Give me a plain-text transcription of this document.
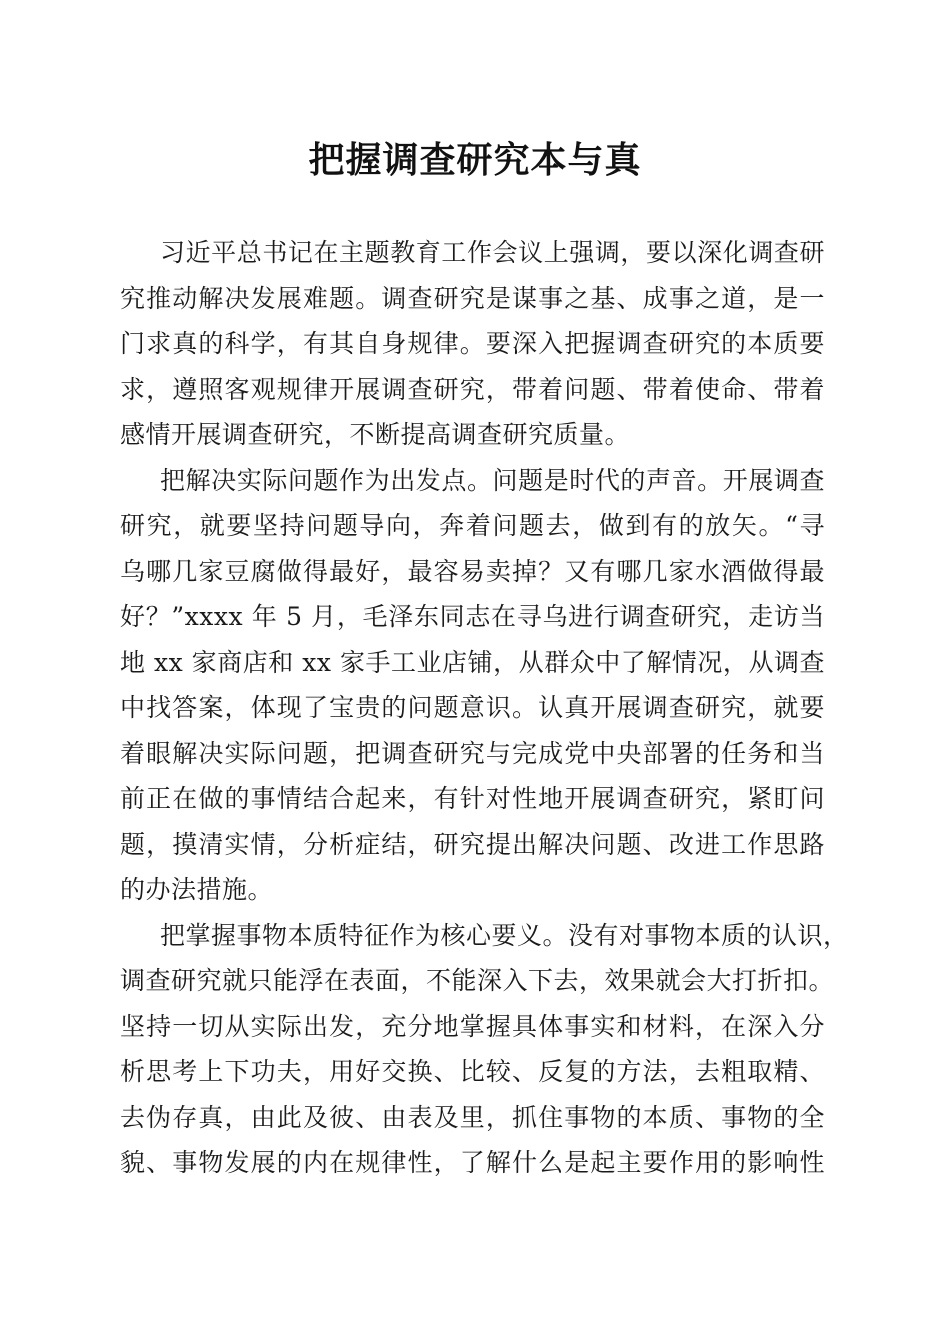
把握调查研究本与真
习近平总书记在主题教育工作会议上强调，要以深化调查研
究推动解决发展难题。调查研究是谋事之基、成事之道，是一
门求真的科学，有其自身规律。要深入把握调查研究的本质要
求，遵照客观规律开展调查研究，带着问题、带着使命、带着
感情开展调查研究，不断提高调查研究质量。
把解决实际问题作为出发点。问题是时代的声音。开展调查
研究，就要坚持问题导向，奔着问题去，做到有的放矢。“寻
乌哪几家豆腐做得最好，最容易卖掉？又有哪几家水酒做得最
好？”xxxx 年 5 月，毛泽东同志在寻乌进行调查研究，走访当
地 xx 家商店和 xx 家手工业店铺，从群众中了解情况，从调查
中找答案，体现了宝贵的问题意识。认真开展调查研究，就要
着眼解决实际问题，把调查研究与完成党中央部署的任务和当
前正在做的事情结合起来，有针对性地开展调查研究，紧盯问
题，摸清实情，分析症结，研究提出解决问题、改进工作思路
的办法措施。
把掌握事物本质特征作为核心要义。没有对事物本质的认识，
调查研究就只能浮在表面，不能深入下去，效果就会大打折扣。
坚持一切从实际出发，充分地掌握具体事实和材料，在深入分
析思考上下功夫，用好交换、比较、反复的方法，去粗取精、
去伪存真，由此及彼、由表及里，抓住事物的本质、事物的全
貌、事物发展的内在规律性，了解什么是起主要作用的影响性
